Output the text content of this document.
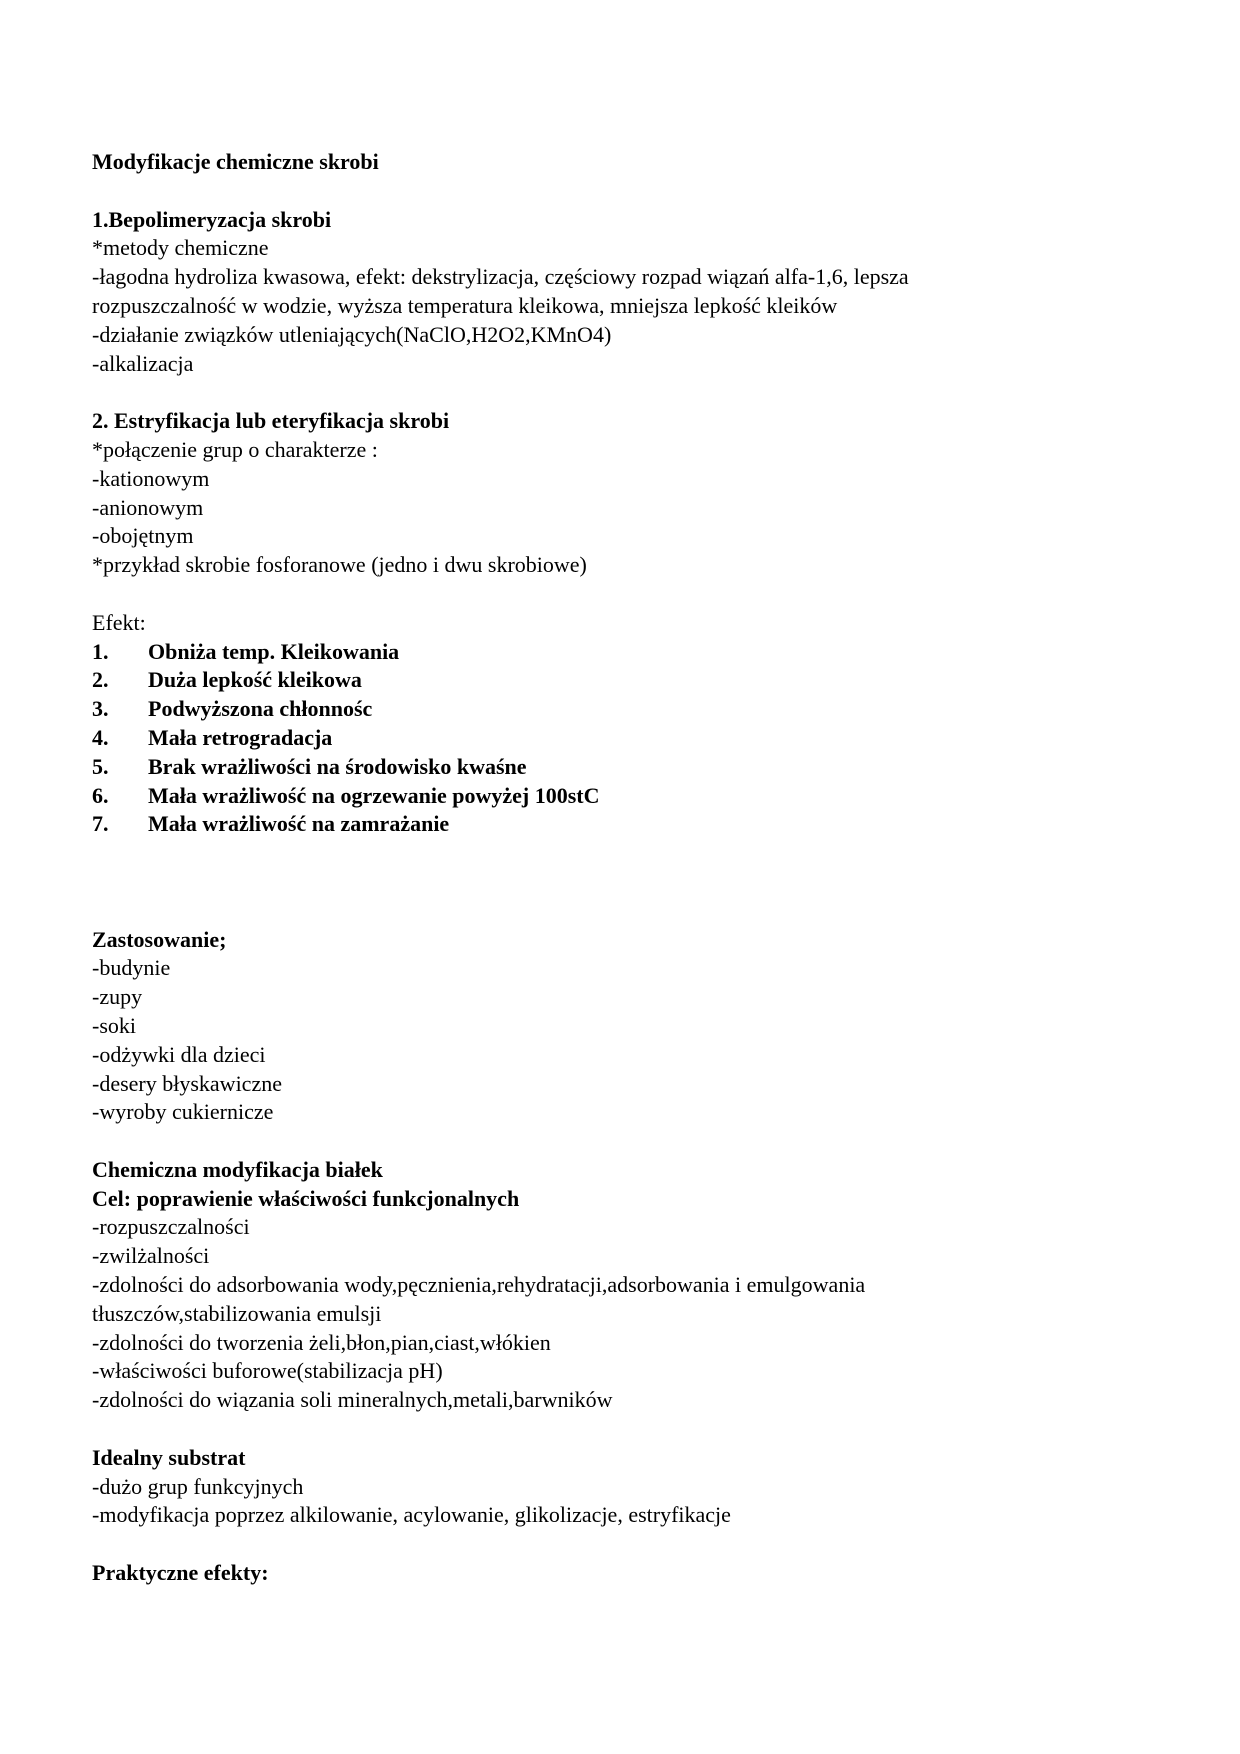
Modyfikacje chemiczne skrobi
1.Bepolimeryzacja skrobi
*metody chemiczne
-łagodna hydroliza kwasowa, efekt: dekstrylizacja, częściowy rozpad wiązań alfa-1,6, lepsza
rozpuszczalność w wodzie, wyższa temperatura kleikowa, mniejsza lepkość kleików
-działanie związków utleniających(NaClO,H2O2,KMnO4)
-alkalizacja
2. Estryfikacja lub eteryfikacja skrobi
*połączenie grup o charakterze :
-kationowym
-anionowym
-obojętnym
*przykład skrobie fosforanowe (jedno i dwu skrobiowe)
Efekt:
1. Obniża temp. Kleikowania
2. Duża lepkość kleikowa
3. Podwyższona chłonnośc
4. Mała retrogradacja
5. Brak wrażliwości na środowisko kwaśne
6. Mała wrażliwość na ogrzewanie powyżej 100stC
7. Mała wrażliwość na zamrażanie
Zastosowanie;
-budynie
-zupy
-soki
-odżywki dla dzieci
-desery błyskawiczne
-wyroby cukiernicze
Chemiczna modyfikacja białek
Cel: poprawienie właściwości funkcjonalnych
-rozpuszczalności
-zwilżalności
-zdolności do adsorbowania wody,pęcznienia,rehydratacji,adsorbowania i emulgowania
tłuszczów,stabilizowania emulsji
-zdolności do tworzenia żeli,błon,pian,ciast,włókien
-właściwości buforowe(stabilizacja pH)
-zdolności do wiązania soli mineralnych,metali,barwników
Idealny substrat
-dużo grup funkcyjnych
-modyfikacja poprzez alkilowanie, acylowanie, glikolizacje, estryfikacje
Praktyczne efekty:
